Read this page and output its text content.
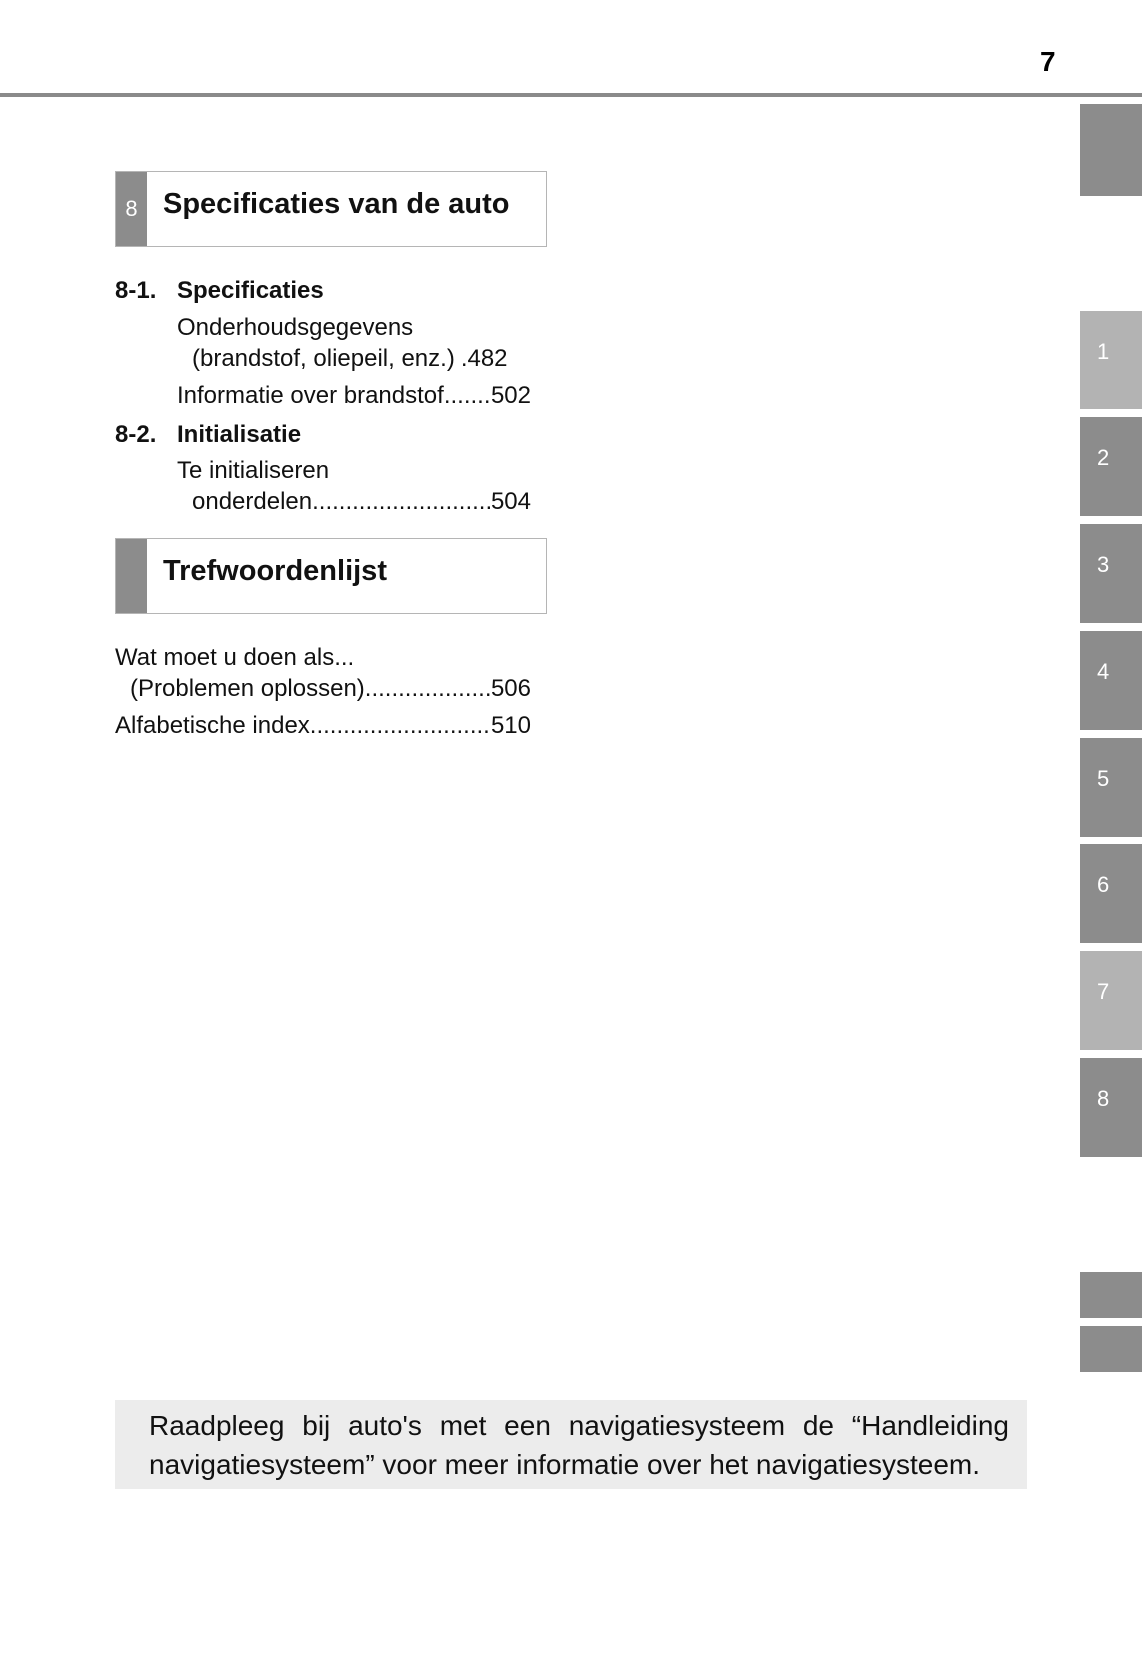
7
8 Specificaties van de auto
8-1. Specificaties
Onderhoudsgegevens
(brandstof, oliepeil, enz.) .482
Informatie over brandstof ..... 502
8-2. Initialisatie
Te initialiseren
onderdelen .....	504
Trefwoordenlijst
Wat moet u doen als...
(Problemen oplossen) .....	506
Alfabetische index .....	510
1
2
3
4
5
6
7
8
Raadpleeg bij auto's met een navigatiesysteem de “Handleiding navigatiesysteem” voor meer informatie over het navigatiesysteem.
